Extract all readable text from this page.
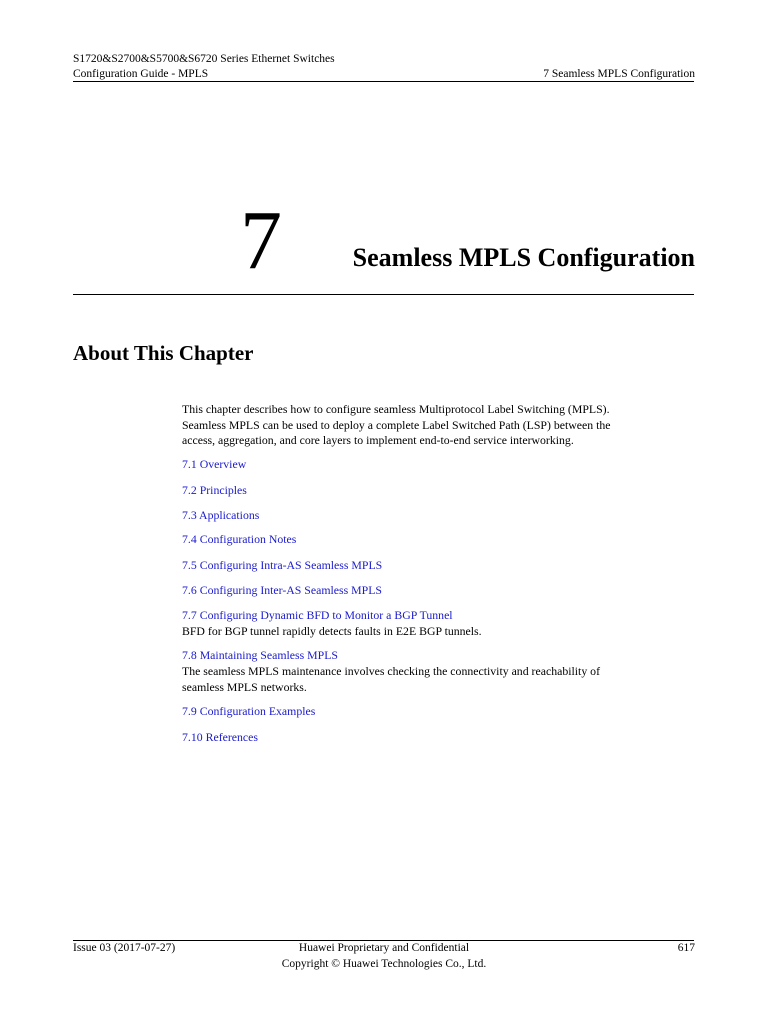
S1720&S2700&S5700&S6720 Series Ethernet Switches
Configuration Guide - MPLS	7 Seamless MPLS Configuration
7	Seamless MPLS Configuration
About This Chapter
This chapter describes how to configure seamless Multiprotocol Label Switching (MPLS).
Seamless MPLS can be used to deploy a complete Label Switched Path (LSP) between the
access, aggregation, and core layers to implement end-to-end service interworking.
7.1 Overview
7.2 Principles
7.3 Applications
7.4 Configuration Notes
7.5 Configuring Intra-AS Seamless MPLS
7.6 Configuring Inter-AS Seamless MPLS
7.7 Configuring Dynamic BFD to Monitor a BGP Tunnel
BFD for BGP tunnel rapidly detects faults in E2E BGP tunnels.
7.8 Maintaining Seamless MPLS
The seamless MPLS maintenance involves checking the connectivity and reachability of
seamless MPLS networks.
7.9 Configuration Examples
7.10 References
Issue 03 (2017-07-27)	Huawei Proprietary and Confidential
Copyright © Huawei Technologies Co., Ltd.
617
